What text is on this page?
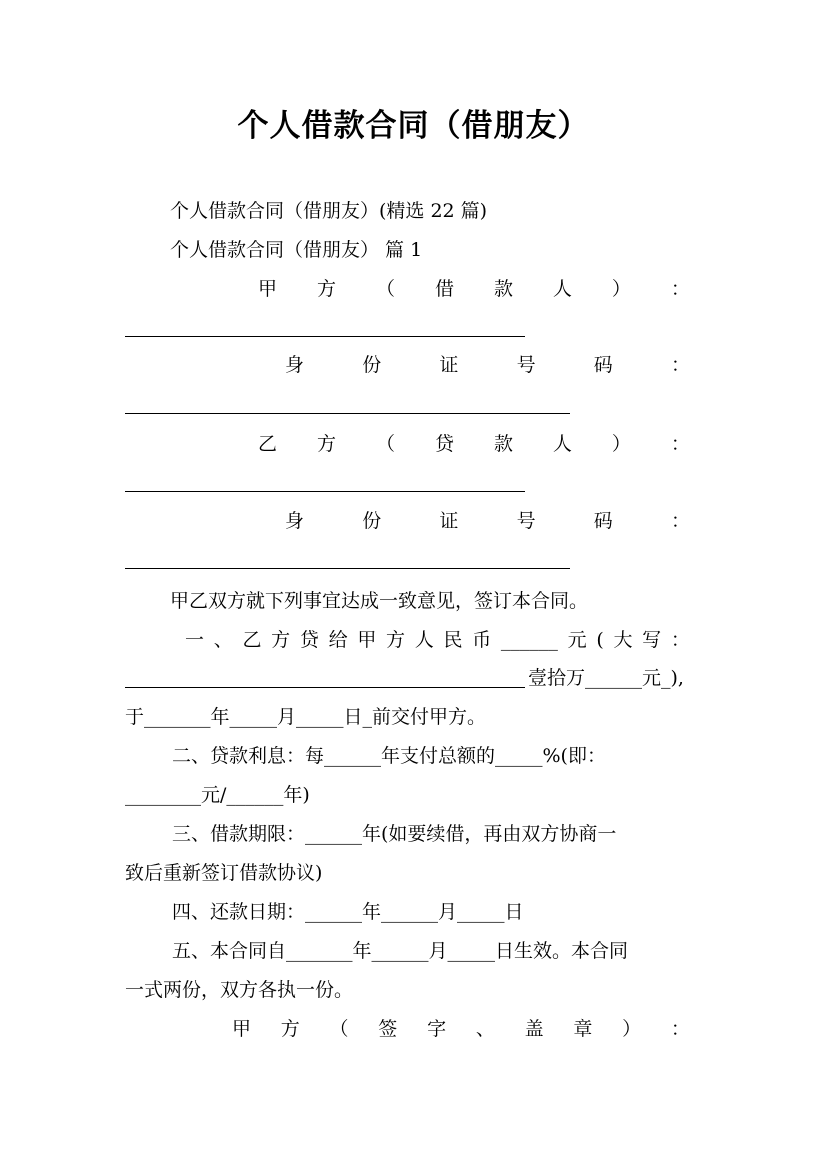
个人借款合同（借朋友）
个人借款合同（借朋友）(精选 22 篇)
个人借款合同（借朋友） 篇 1
甲 方 （ 借 款 人 ） ：
身	份	证	号	码	：
乙 方 （ 贷 款 人 ） ：
身	份	证	号	码	：
甲乙双方就下列事宜达成一致意见，签订本合同。
一 、 乙 方 贷 给 甲 方 人 民 币 ______ 元 ( 大 写 ：
壹拾万______元_),
于_______年_____月_____日_前交付甲方。
二、贷款利息：每______年支付总额的_____%(即：
________元/______年)
三、借款期限：______年(如要续借，再由双方协商一
致后重新签订借款协议)
四、还款日期：______年______月_____日
五、本合同自_______年______月_____日生效。本合同
一式两份，双方各执一份。
甲 方 （ 签 字 、 盖 章 ） ：
